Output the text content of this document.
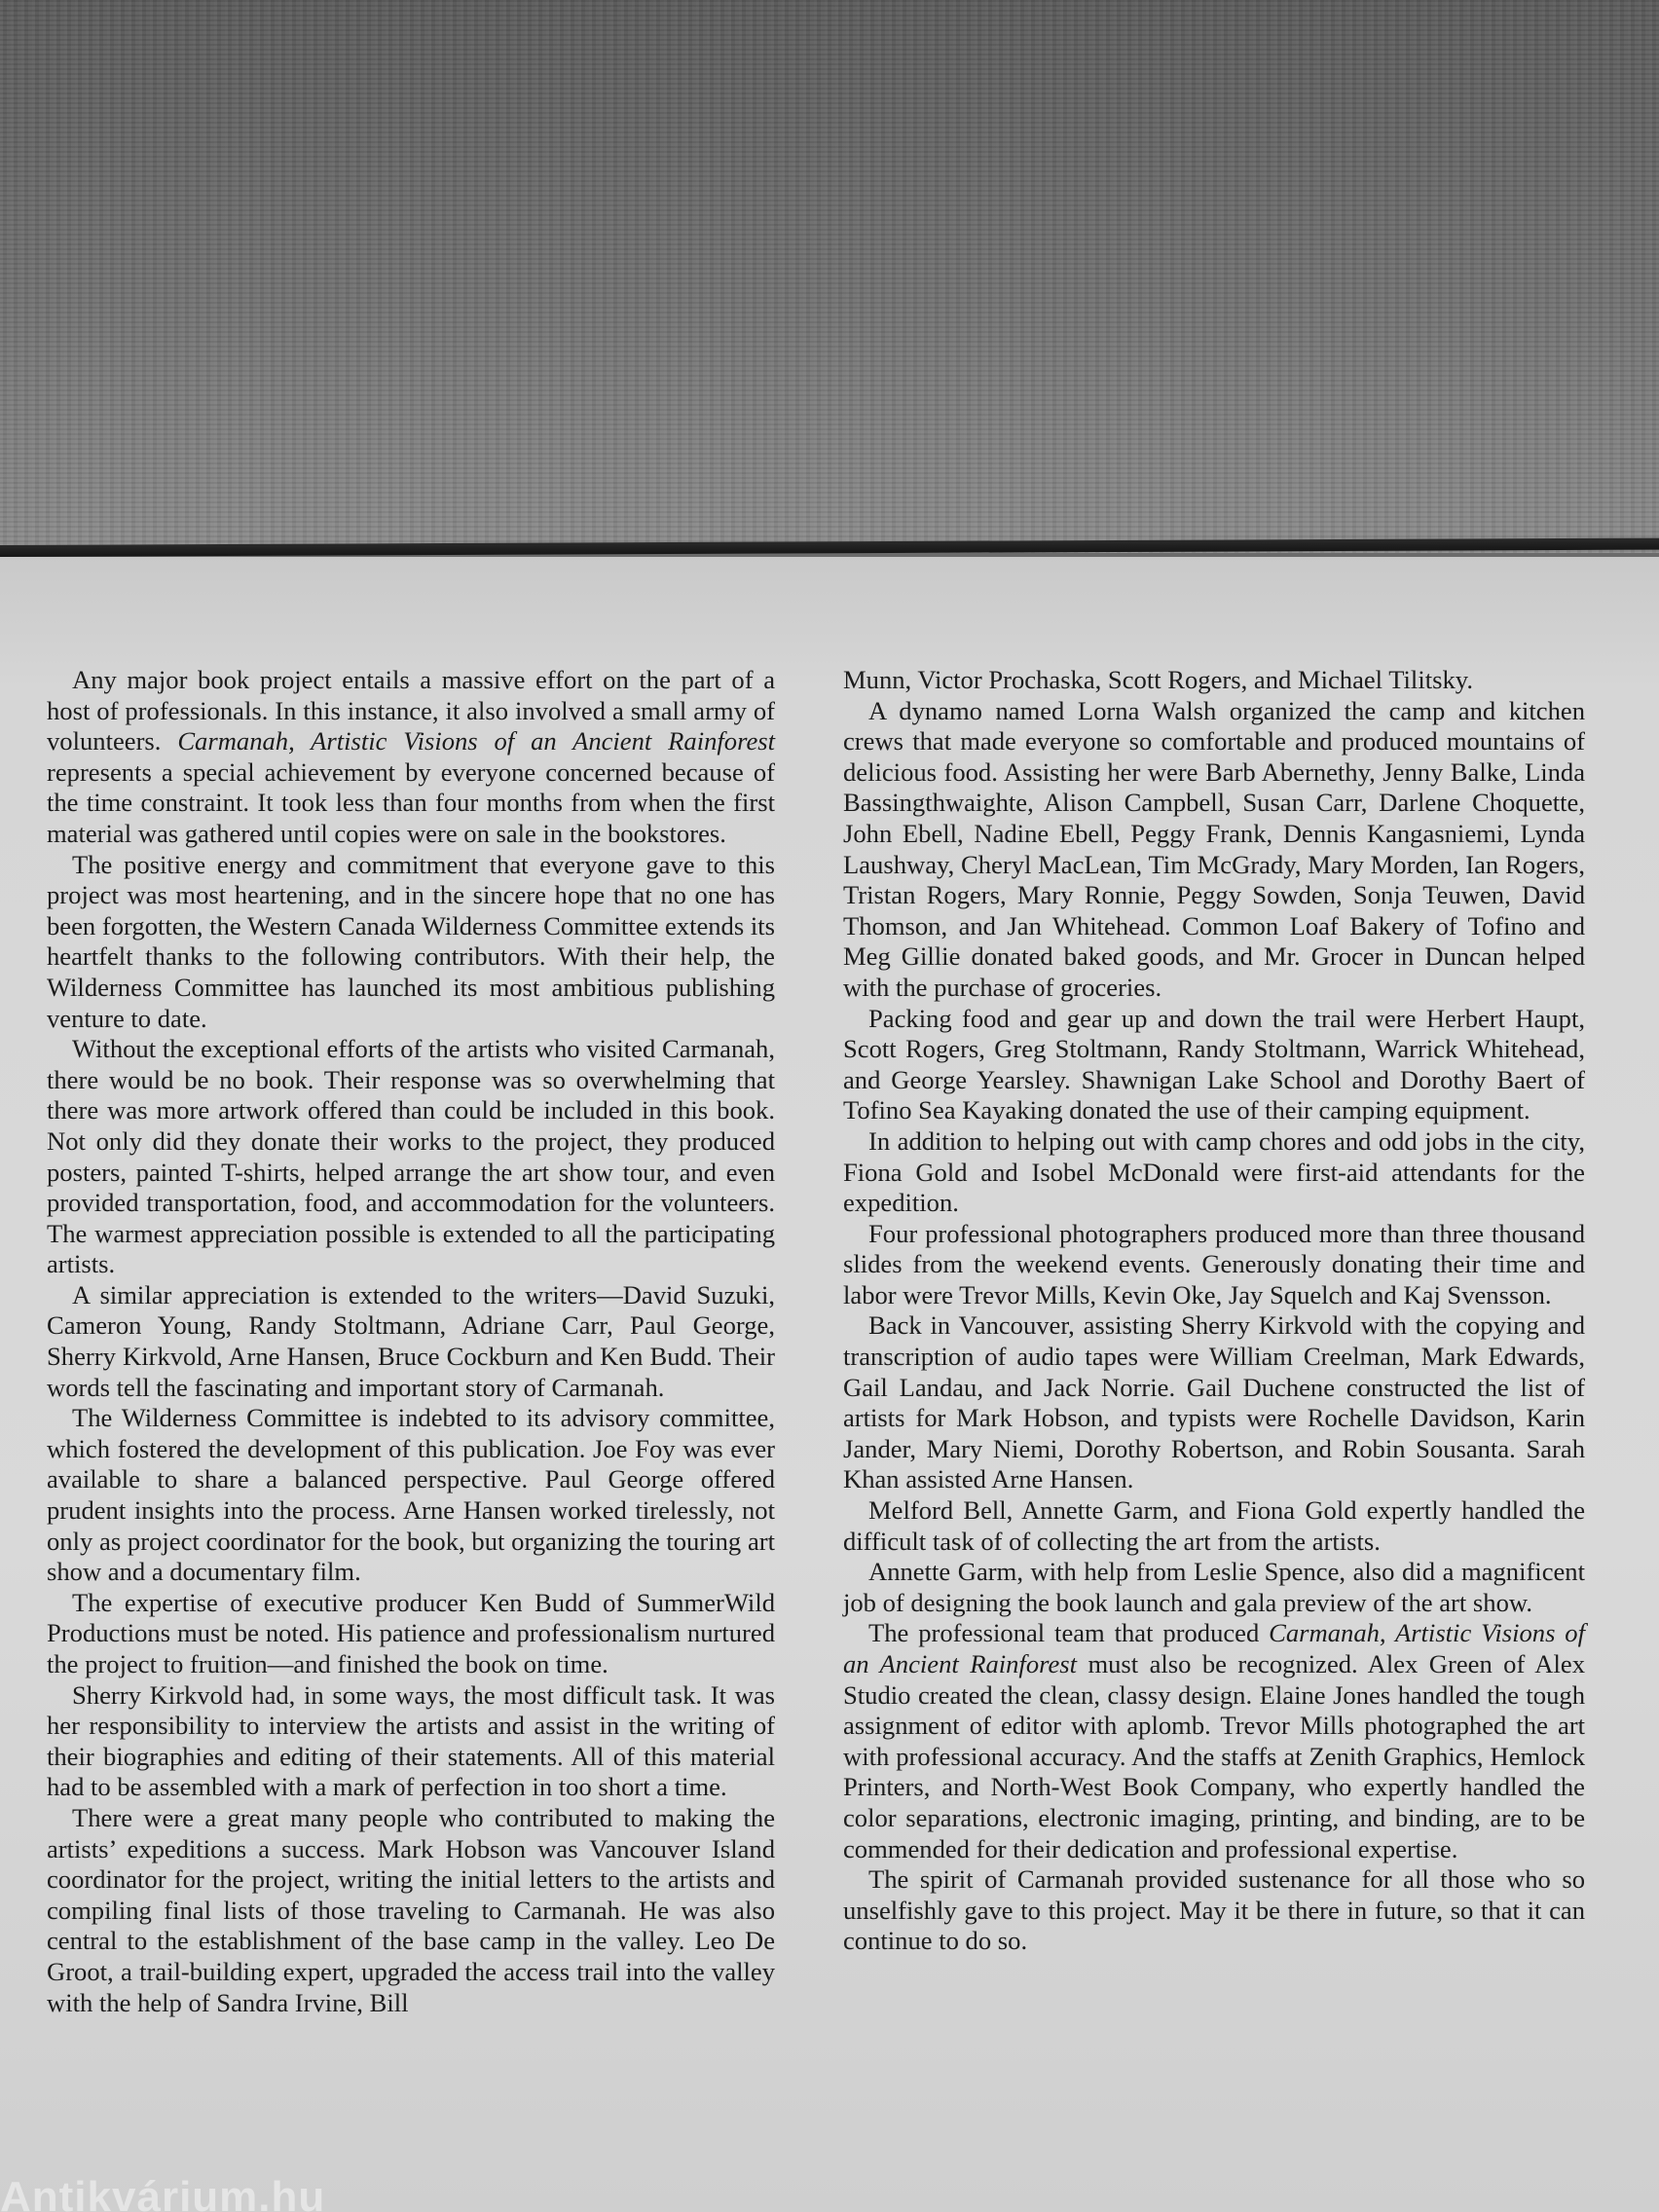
Any major book project entails a massive effort on the part of a host of professionals. In this instance, it also involved a small army of volunteers. Carmanah, Artistic Visions of an Ancient Rainforest represents a special achievement by everyone concerned because of the time constraint. It took less than four months from when the first material was gathered until copies were on sale in the bookstores.

The positive energy and commitment that everyone gave to this project was most heartening, and in the sincere hope that no one has been forgotten, the Western Canada Wilderness Committee extends its heartfelt thanks to the following contributors. With their help, the Wilderness Committee has launched its most ambitious publishing venture to date.

Without the exceptional efforts of the artists who visited Carmanah, there would be no book. Their response was so overwhelming that there was more artwork offered than could be included in this book. Not only did they donate their works to the project, they produced posters, painted T-shirts, helped arrange the art show tour, and even provided transportation, food, and accommodation for the volunteers. The warmest appreciation possible is extended to all the participating artists.

A similar appreciation is extended to the writers—David Suzuki, Cameron Young, Randy Stoltmann, Adriane Carr, Paul George, Sherry Kirkvold, Arne Hansen, Bruce Cockburn and Ken Budd. Their words tell the fascinating and important story of Carmanah.

The Wilderness Committee is indebted to its advisory committee, which fostered the development of this publication. Joe Foy was ever available to share a balanced perspective. Paul George offered prudent insights into the process. Arne Hansen worked tirelessly, not only as project coordinator for the book, but organizing the touring art show and a documentary film.

The expertise of executive producer Ken Budd of SummerWild Productions must be noted. His patience and professionalism nurtured the project to fruition—and finished the book on time.

Sherry Kirkvold had, in some ways, the most difficult task. It was her responsibility to interview the artists and assist in the writing of their biographies and editing of their statements. All of this material had to be assembled with a mark of perfection in too short a time.

There were a great many people who contributed to making the artists’ expeditions a success. Mark Hobson was Vancouver Island coordinator for the project, writing the initial letters to the artists and compiling final lists of those traveling to Carmanah. He was also central to the establishment of the base camp in the valley. Leo De Groot, a trail-building expert, upgraded the access trail into the valley with the help of Sandra Irvine, Bill

Munn, Victor Prochaska, Scott Rogers, and Michael Tilitsky.

A dynamo named Lorna Walsh organized the camp and kitchen crews that made everyone so comfortable and produced mountains of delicious food. Assisting her were Barb Abernethy, Jenny Balke, Linda Bassingthwaighte, Alison Campbell, Susan Carr, Darlene Choquette, John Ebell, Nadine Ebell, Peggy Frank, Dennis Kangasniemi, Lynda Laushway, Cheryl MacLean, Tim McGrady, Mary Morden, Ian Rogers, Tristan Rogers, Mary Ronnie, Peggy Sowden, Sonja Teuwen, David Thomson, and Jan Whitehead. Common Loaf Bakery of Tofino and Meg Gillie donated baked goods, and Mr. Grocer in Duncan helped with the purchase of groceries.

Packing food and gear up and down the trail were Herbert Haupt, Scott Rogers, Greg Stoltmann, Randy Stoltmann, Warrick Whitehead, and George Yearsley. Shawnigan Lake School and Dorothy Baert of Tofino Sea Kayaking donated the use of their camping equipment.

In addition to helping out with camp chores and odd jobs in the city, Fiona Gold and Isobel McDonald were first-aid attendants for the expedition.

Four professional photographers produced more than three thousand slides from the weekend events. Generously donating their time and labor were Trevor Mills, Kevin Oke, Jay Squelch and Kaj Svensson.

Back in Vancouver, assisting Sherry Kirkvold with the copying and transcription of audio tapes were William Creelman, Mark Edwards, Gail Landau, and Jack Norrie. Gail Duchene constructed the list of artists for Mark Hobson, and typists were Rochelle Davidson, Karin Jander, Mary Niemi, Dorothy Robertson, and Robin Sousanta. Sarah Khan assisted Arne Hansen.

Melford Bell, Annette Garm, and Fiona Gold expertly handled the difficult task of of collecting the art from the artists.

Annette Garm, with help from Leslie Spence, also did a magnificent job of designing the book launch and gala preview of the art show.

The professional team that produced Carmanah, Artistic Visions of an Ancient Rainforest must also be recognized. Alex Green of Alex Studio created the clean, classy design. Elaine Jones handled the tough assignment of editor with aplomb. Trevor Mills photographed the art with professional accuracy. And the staffs at Zenith Graphics, Hemlock Printers, and North-West Book Company, who expertly handled the color separations, electronic imaging, printing, and binding, are to be commended for their dedication and professional expertise.

The spirit of Carmanah provided sustenance for all those who so unselfishly gave to this project. May it be there in future, so that it can continue to do so.

Antikvárium.hu
